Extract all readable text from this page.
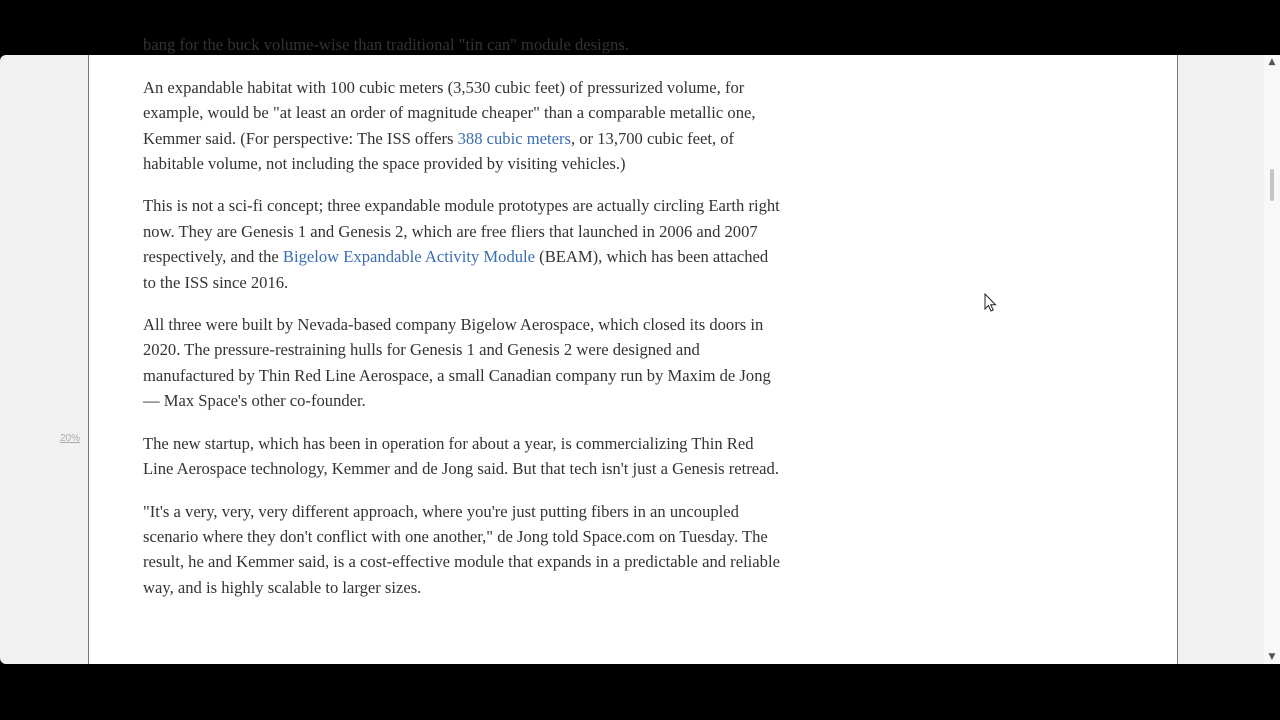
bang for the buck volume-wise than traditional "tin can" module designs.

An expandable habitat with 100 cubic meters (3,530 cubic feet) of pressurized volume, for example, would be "at least an order of magnitude cheaper" than a comparable metallic one, Kemmer said. (For perspective: The ISS offers 388 cubic meters, or 13,700 cubic feet, of habitable volume, not including the space provided by visiting vehicles.)

This is not a sci-fi concept; three expandable module prototypes are actually circling Earth right now. They are Genesis 1 and Genesis 2, which are free fliers that launched in 2006 and 2007 respectively, and the Bigelow Expandable Activity Module (BEAM), which has been attached to the ISS since 2016.

All three were built by Nevada-based company Bigelow Aerospace, which closed its doors in 2020. The pressure-restraining hulls for Genesis 1 and Genesis 2 were designed and manufactured by Thin Red Line Aerospace, a small Canadian company run by Maxim de Jong — Max Space's other co-founder.

The new startup, which has been in operation for about a year, is commercializing Thin Red Line Aerospace technology, Kemmer and de Jong said. But that tech isn't just a Genesis retread.

"It's a very, very, very different approach, where you're just putting fibers in an uncoupled scenario where they don't conflict with one another," de Jong told Space.com on Tuesday. The result, he and Kemmer said, is a cost-effective module that expands in a predictable and reliable way, and is highly scalable to larger sizes.

20%
▲
▼
